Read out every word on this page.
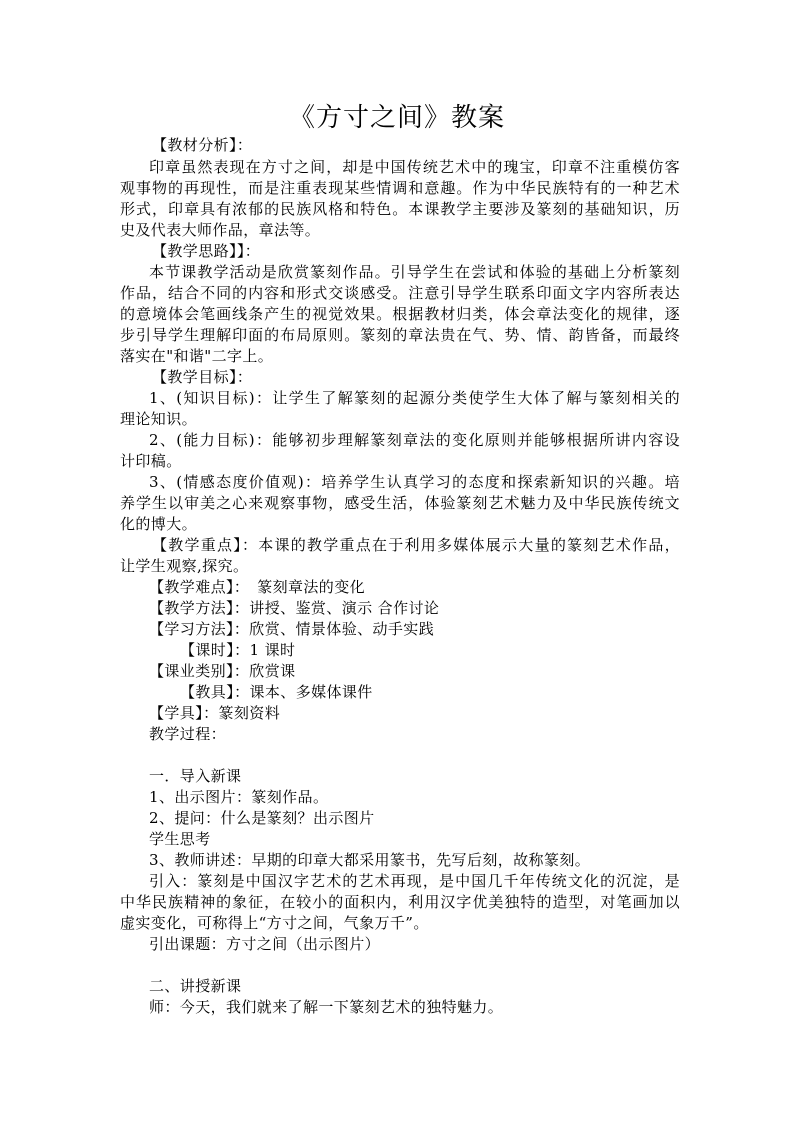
《方寸之间》教案
【教材分析】：
印章虽然表现在方寸之间，却是中国传统艺术中的瑰宝，印章不注重模仿客
观事物的再现性，而是注重表现某些情调和意趣。作为中华民族特有的一种艺术
形式，印章具有浓郁的民族风格和特色。本课教学主要涉及篆刻的基础知识，历
史及代表大师作品，章法等。
【教学思路】】：
本节课教学活动是欣赏篆刻作品。引导学生在尝试和体验的基础上分析篆刻
作品，结合不同的内容和形式交谈感受。注意引导学生联系印面文字内容所表达
的意境体会笔画线条产生的视觉效果。根据教材归类，体会章法变化的规律，逐
步引导学生理解印面的布局原则。篆刻的章法贵在气、势、情、韵皆备，而最终
落实在"和谐"二字上。
【教学目标】：
1、(知识目标)：让学生了解篆刻的起源分类使学生大体了解与篆刻相关的
理论知识。
2、(能力目标)：能够初步理解篆刻章法的变化原则并能够根据所讲内容设
计印稿。
3、(情感态度价值观)：培养学生认真学习的态度和探索新知识的兴趣。培
养学生以审美之心来观察事物，感受生活，体验篆刻艺术魅力及中华民族传统文
化的博大。
【教学重点】：本课的教学重点在于利用多媒体展示大量的篆刻艺术作品，
让学生观察,探究。
【教学难点】：　篆刻章法的变化
【教学方法】：讲授、鉴赏、演示 合作讨论
【学习方法】：欣赏、情景体验、动手实践
【课时】：1 课时
【课业类别】：欣赏课
【教具】：课本、多媒体课件
【学具】：篆刻资料
教学过程：
一．导入新课
1、出示图片：篆刻作品。
2、提问：什么是篆刻？出示图片
学生思考
3、教师讲述：早期的印章大都采用篆书，先写后刻，故称篆刻。
引入：篆刻是中国汉字艺术的艺术再现，是中国几千年传统文化的沉淀，是
中华民族精神的象征，在较小的面积内，利用汉字优美独特的造型，对笔画加以
虚实变化，可称得上“方寸之间，气象万千”。
引出课题：方寸之间（出示图片）
二、讲授新课
师：今天，我们就来了解一下篆刻艺术的独特魅力。
